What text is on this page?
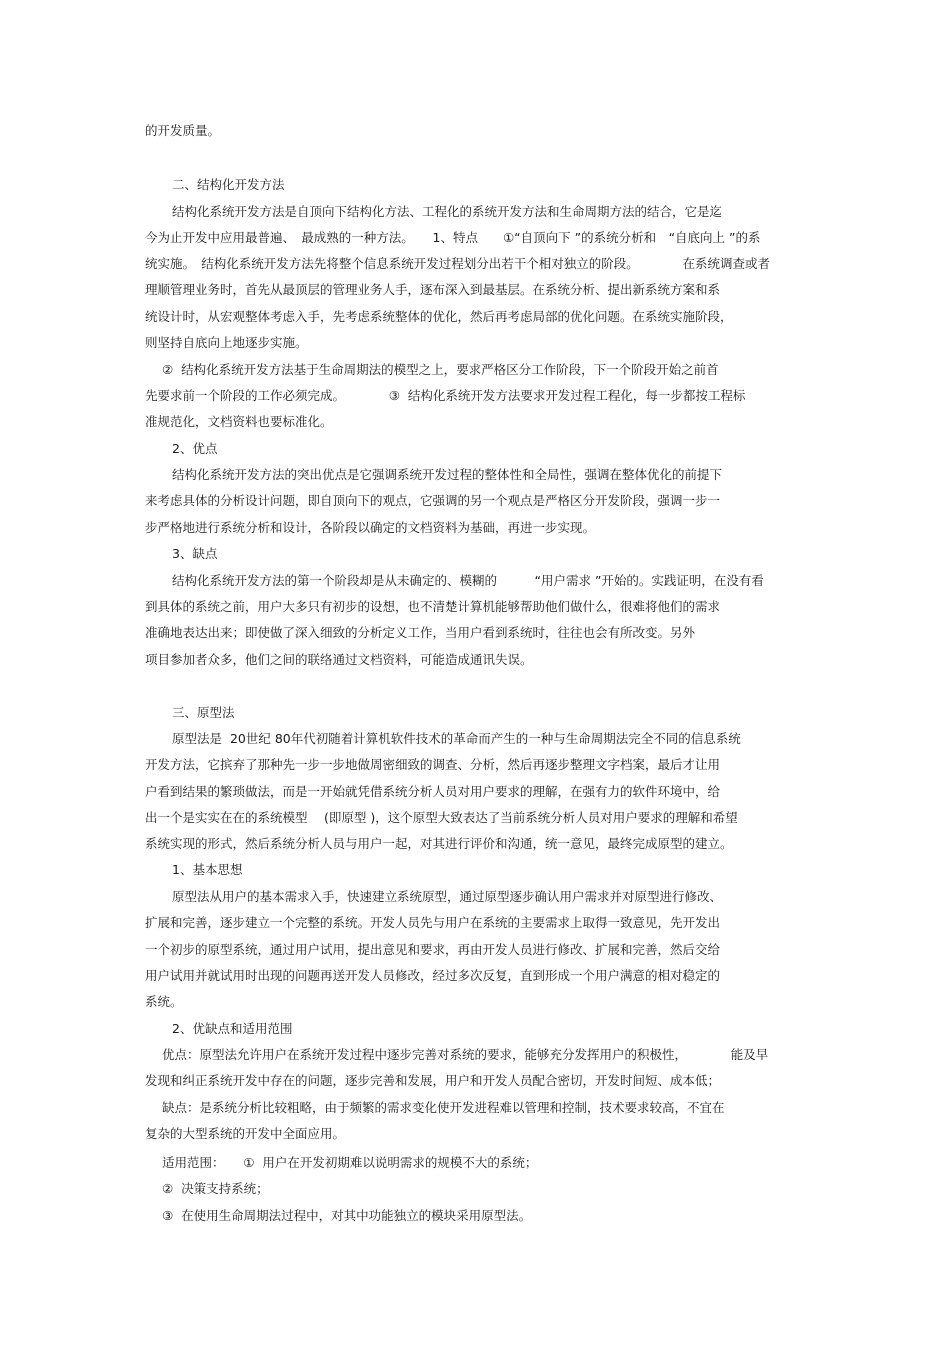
的开发质量。
二、结构化开发方法
结构化系统开发方法是自顶向下结构化方法、工程化的系统开发方法和生命周期方法的结合，它是迄
今为止开发中应用最普遍、　最成熟的一种方法。　　1、特点　　①“自顶向下 ”的系统分析和　“自底向上 ”的系
统实施。　结构化系统开发方法先将整个信息系统开发过程划分出若干个相对独立的阶段。　　　　在系统调查或者
理顺管理业务时，首先从最顶层的管理业务人手，逐布深入到最基层。在系统分析、提出新系统方案和系
统设计时，从宏观整体考虑入手，先考虑系统整体的优化，然后再考虑局部的优化问题。在系统实施阶段，
则坚持自底向上地逐步实施。
②  结构化系统开发方法基于生命周期法的模型之上，要求严格区分工作阶段，下一个阶段开始之前首
先要求前一个阶段的工作必须完成。　　　　③  结构化系统开发方法要求开发过程工程化，每一步都按工程标
准规范化，文档资料也要标准化。
2、优点
结构化系统开发方法的突出优点是它强调系统开发过程的整体性和全局性，强调在整体优化的前提下
来考虑具体的分析设计问题，即自顶向下的观点，它强调的另一个观点是严格区分开发阶段，强调一步一
步严格地进行系统分析和设计，各阶段以确定的文档资料为基础，再进一步实现。
3、缺点
结构化系统开发方法的第一个阶段却是从未确定的、模糊的　　　“用户需求 ”开始的。实践证明，在没有看
到具体的系统之前，用户大多只有初步的设想，也不清楚计算机能够帮助他们做什么，很难将他们的需求
准确地表达出来；即使做了深入细致的分析定义工作，当用户看到系统时，往往也会有所改变。另外
项目参加者众多，他们之间的联络通过文档资料，可能造成通讯失误。
三、原型法
原型法是  20世纪 80年代初随着计算机软件技术的革命而产生的一种与生命周期法完全不同的信息系统
开发方法，它摈弃了那种先一步一步地做周密细致的调查、分析，然后再逐步整理文字档案，最后才让用
户看到结果的繁琐做法，而是一开始就凭借系统分析人员对用户要求的理解，在强有力的软件环境中，给
出一个是实实在在的系统模型　 (即原型 )，这个原型大致表达了当前系统分析人员对用户要求的理解和希望
系统实现的形式，然后系统分析人员与用户一起，对其进行评价和沟通，统一意见，最终完成原型的建立。
1、基本思想
原型法从用户的基本需求入手，快速建立系统原型，通过原型逐步确认用户需求并对原型进行修改、
扩展和完善，逐步建立一个完整的系统。开发人员先与用户在系统的主要需求上取得一致意见，先开发出
一个初步的原型系统，通过用户试用，提出意见和要求，再由开发人员进行修改、扩展和完善，然后交给
用户试用并就试用时出现的问题再送开发人员修改，经过多次反复，直到形成一个用户满意的相对稳定的
系统。
2、优缺点和适用范围
优点：原型法允许用户在系统开发过程中逐步完善对系统的要求，能够充分发挥用户的积极性，　　　　能及早
发现和纠正系统开发中存在的问题，逐步完善和发展，用户和开发人员配合密切，开发时间短、成本低；
缺点：是系统分析比较粗略，由于频繁的需求变化使开发进程难以管理和控制，技术要求较高，不宜在
复杂的大型系统的开发中全面应用。
适用范围：　　①  用户在开发初期难以说明需求的规模不大的系统；
②  决策支持系统；
③  在使用生命周期法过程中，对其中功能独立的模块采用原型法。
